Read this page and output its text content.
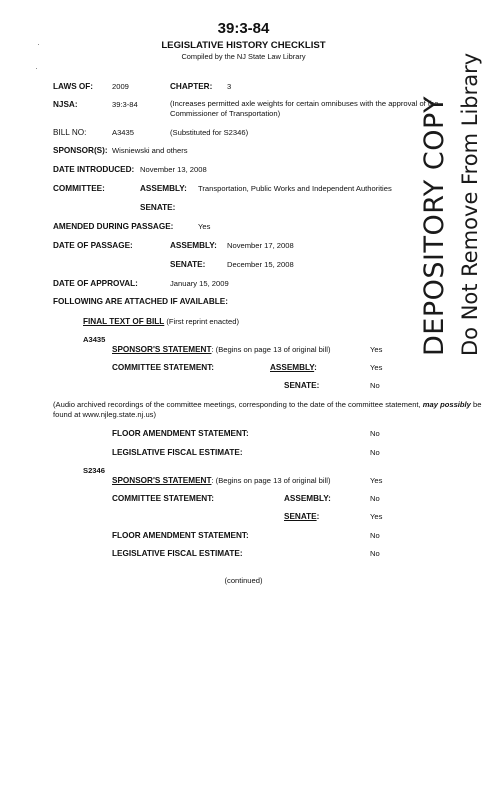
39:3-84
LEGISLATIVE HISTORY CHECKLIST
Compiled by the NJ State Law Library
LAWS OF: 2009	CHAPTER: 3
NJSA:	39:3-84	(Increases permitted axle weights for certain omnibuses with the approval of the Commissioner of Transportation)
BILL NO:	A3435	(Substituted for S2346)
SPONSOR(S): Wisniewski and others
DATE INTRODUCED: November 13, 2008
COMMITTEE:	ASSEMBLY: Transportation, Public Works and Independent Authorities
SENATE:
AMENDED DURING PASSAGE:	Yes
DATE OF PASSAGE:	ASSEMBLY: November 17, 2008
SENATE:	December 15, 2008
DATE OF APPROVAL:	January 15, 2009
FOLLOWING ARE ATTACHED IF AVAILABLE:
FINAL TEXT OF BILL (First reprint enacted)
A3435
SPONSOR'S STATEMENT: (Begins on page 13 of original bill)	Yes
COMMITTEE STATEMENT:	ASSEMBLY:	Yes
SENATE:	No
(Audio archived recordings of the committee meetings, corresponding to the date of the committee statement, may possibly be found at www.njleg.state.nj.us)
FLOOR AMENDMENT STATEMENT:	No
LEGISLATIVE FISCAL ESTIMATE:	No
S2346
SPONSOR'S STATEMENT: (Begins on page 13 of original bill)	Yes
COMMITTEE STATEMENT:	ASSEMBLY:	No
SENATE:	Yes
FLOOR AMENDMENT STATEMENT:	No
LEGISLATIVE FISCAL ESTIMATE:	No
(continued)
DEPOSITORY COPY Do Not Remove From Library
